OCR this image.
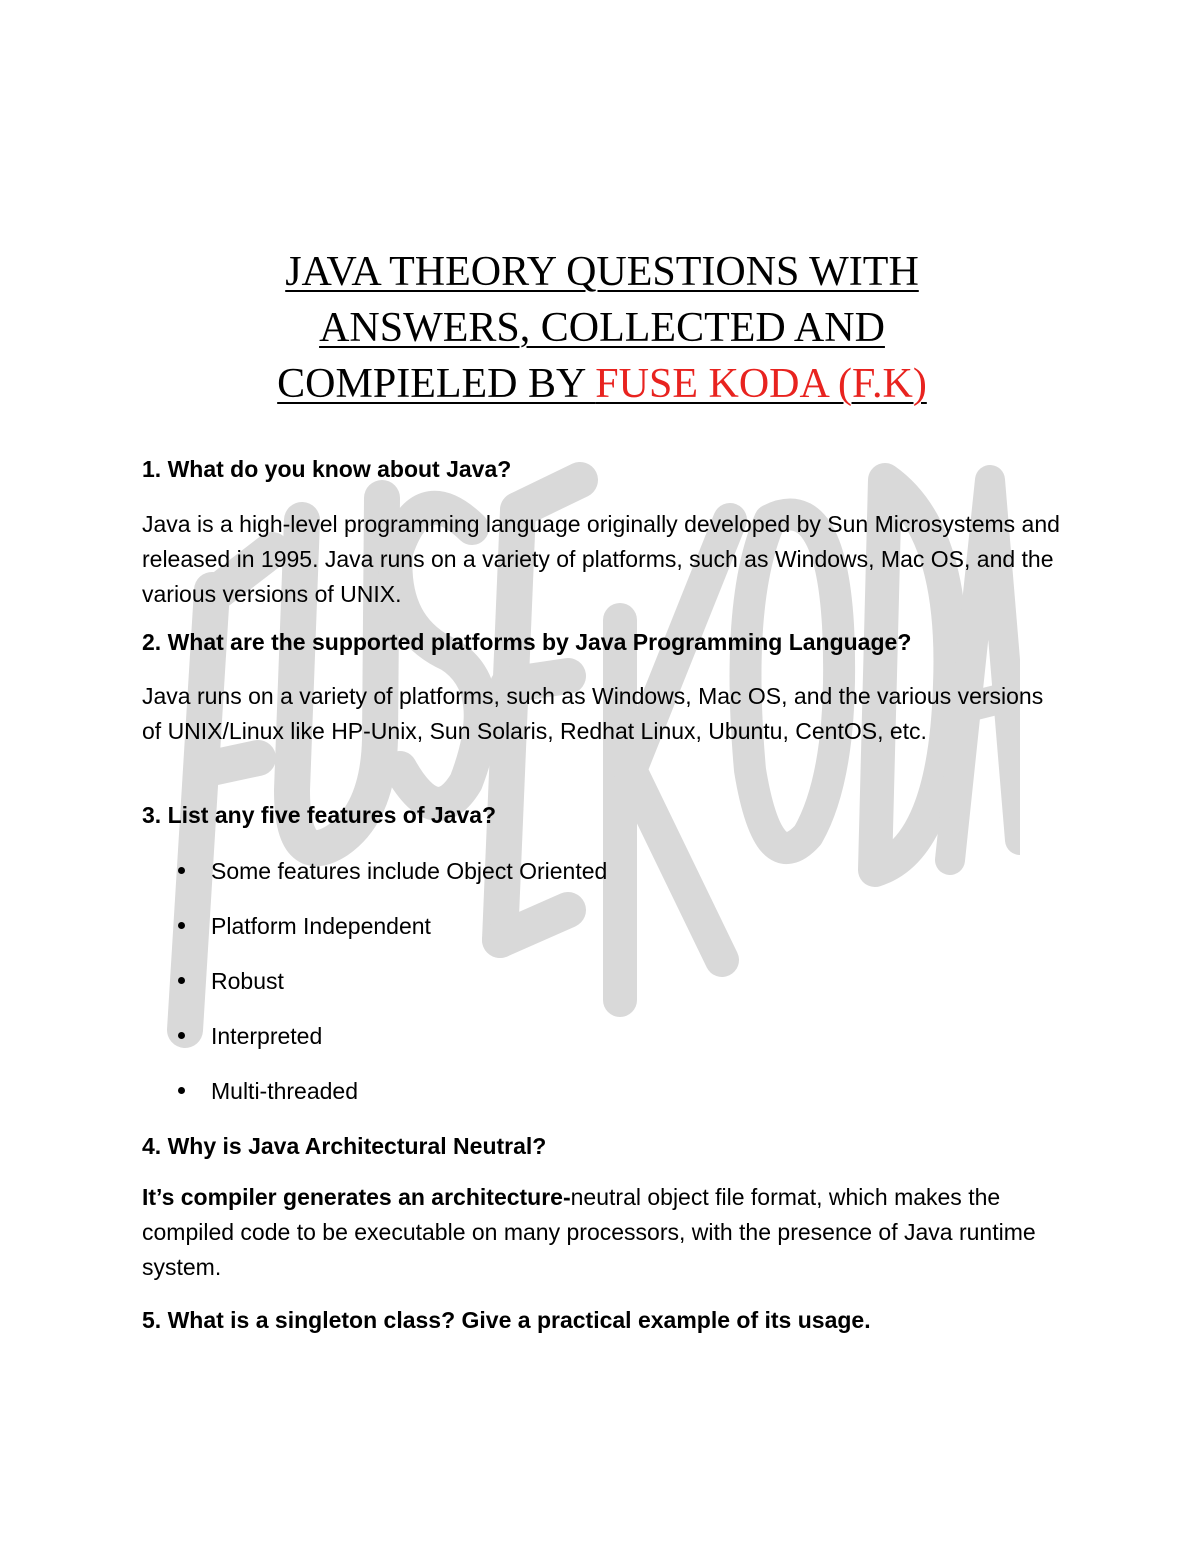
JAVA THEORY QUESTIONS WITH
ANSWERS, COLLECTED AND
COMPIELED BY FUSE KODA (F.K)

1. What do you know about Java?

Java is a high-level programming language originally developed by Sun Microsystems and released in 1995. Java runs on a variety of platforms, such as Windows, Mac OS, and the various versions of UNIX.

2. What are the supported platforms by Java Programming Language?

Java runs on a variety of platforms, such as Windows, Mac OS, and the various versions of UNIX/Linux like HP-Unix, Sun Solaris, Redhat Linux, Ubuntu, CentOS, etc.

3. List any five features of Java?

Some features include Object Oriented
Platform Independent
Robust
Interpreted
Multi-threaded

4. Why is Java Architectural Neutral?

It’s compiler generates an architecture-neutral object file format, which makes the compiled code to be executable on many processors, with the presence of Java runtime system.

5. What is a singleton class? Give a practical example of its usage.
